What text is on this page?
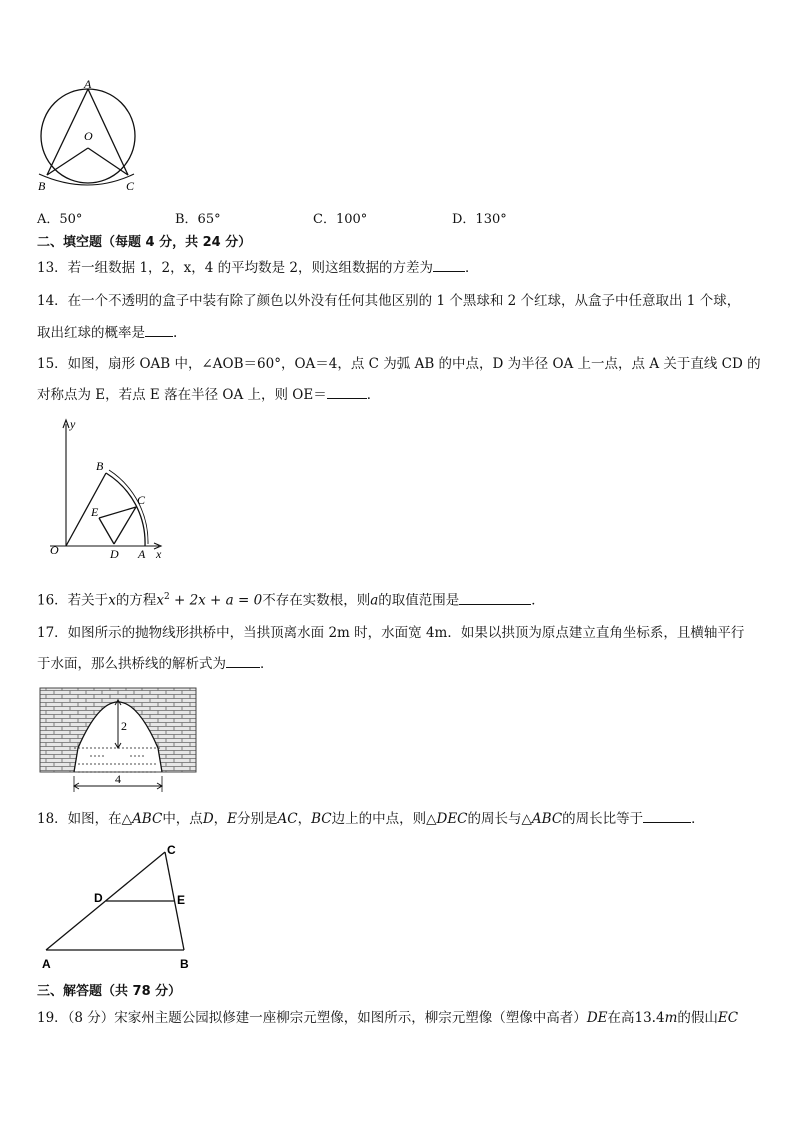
A
O
B	C
A．50°	B．65°	C．100°	D．130°
二、填空题（每题 4 分，共 24 分）
13．若一组数据 1，2，x，4 的平均数是 2，则这组数据的方差为 ．
14．在一个不透明的盒子中装有除了颜色以外没有任何其他区别的 1 个黑球和 2 个红球，从盒子中任意取出 1 个球，
取出红球的概率是 .
15．如图，扇形 OAB 中，∠AOB＝60°，OA＝4，点 C 为弧 AB 的中点，D 为半径 OA 上一点，点 A 关于直线 CD 的
对称点为 E，若点 E 落在半径 OA 上，则 OE＝	．
y
B
C
E
O	D A x
16．若关于x的方程$x^2 + 2x + a = 0$不存在实数根，则a的取值范围是	．
17．如图所示的抛物线形拱桥中，当拱顶离水面 2m 时，水面宽 4m．如果以拱顶为原点建立直角坐标系，且横轴平行
于水面，那么拱桥线的解析式为	．
2
4
18．如图，在△ABC中，点D，E分别是AC，BC边上的中点，则△DEC的周长与△ABC的周长比等于	．
C
D	E
A	B
三、解答题（共 78 分）
19．（8 分）宋家州主题公园拟修建一座柳宗元塑像，如图所示，柳宗元塑像（塑像中高者）DE在高13.4m的假山EC
